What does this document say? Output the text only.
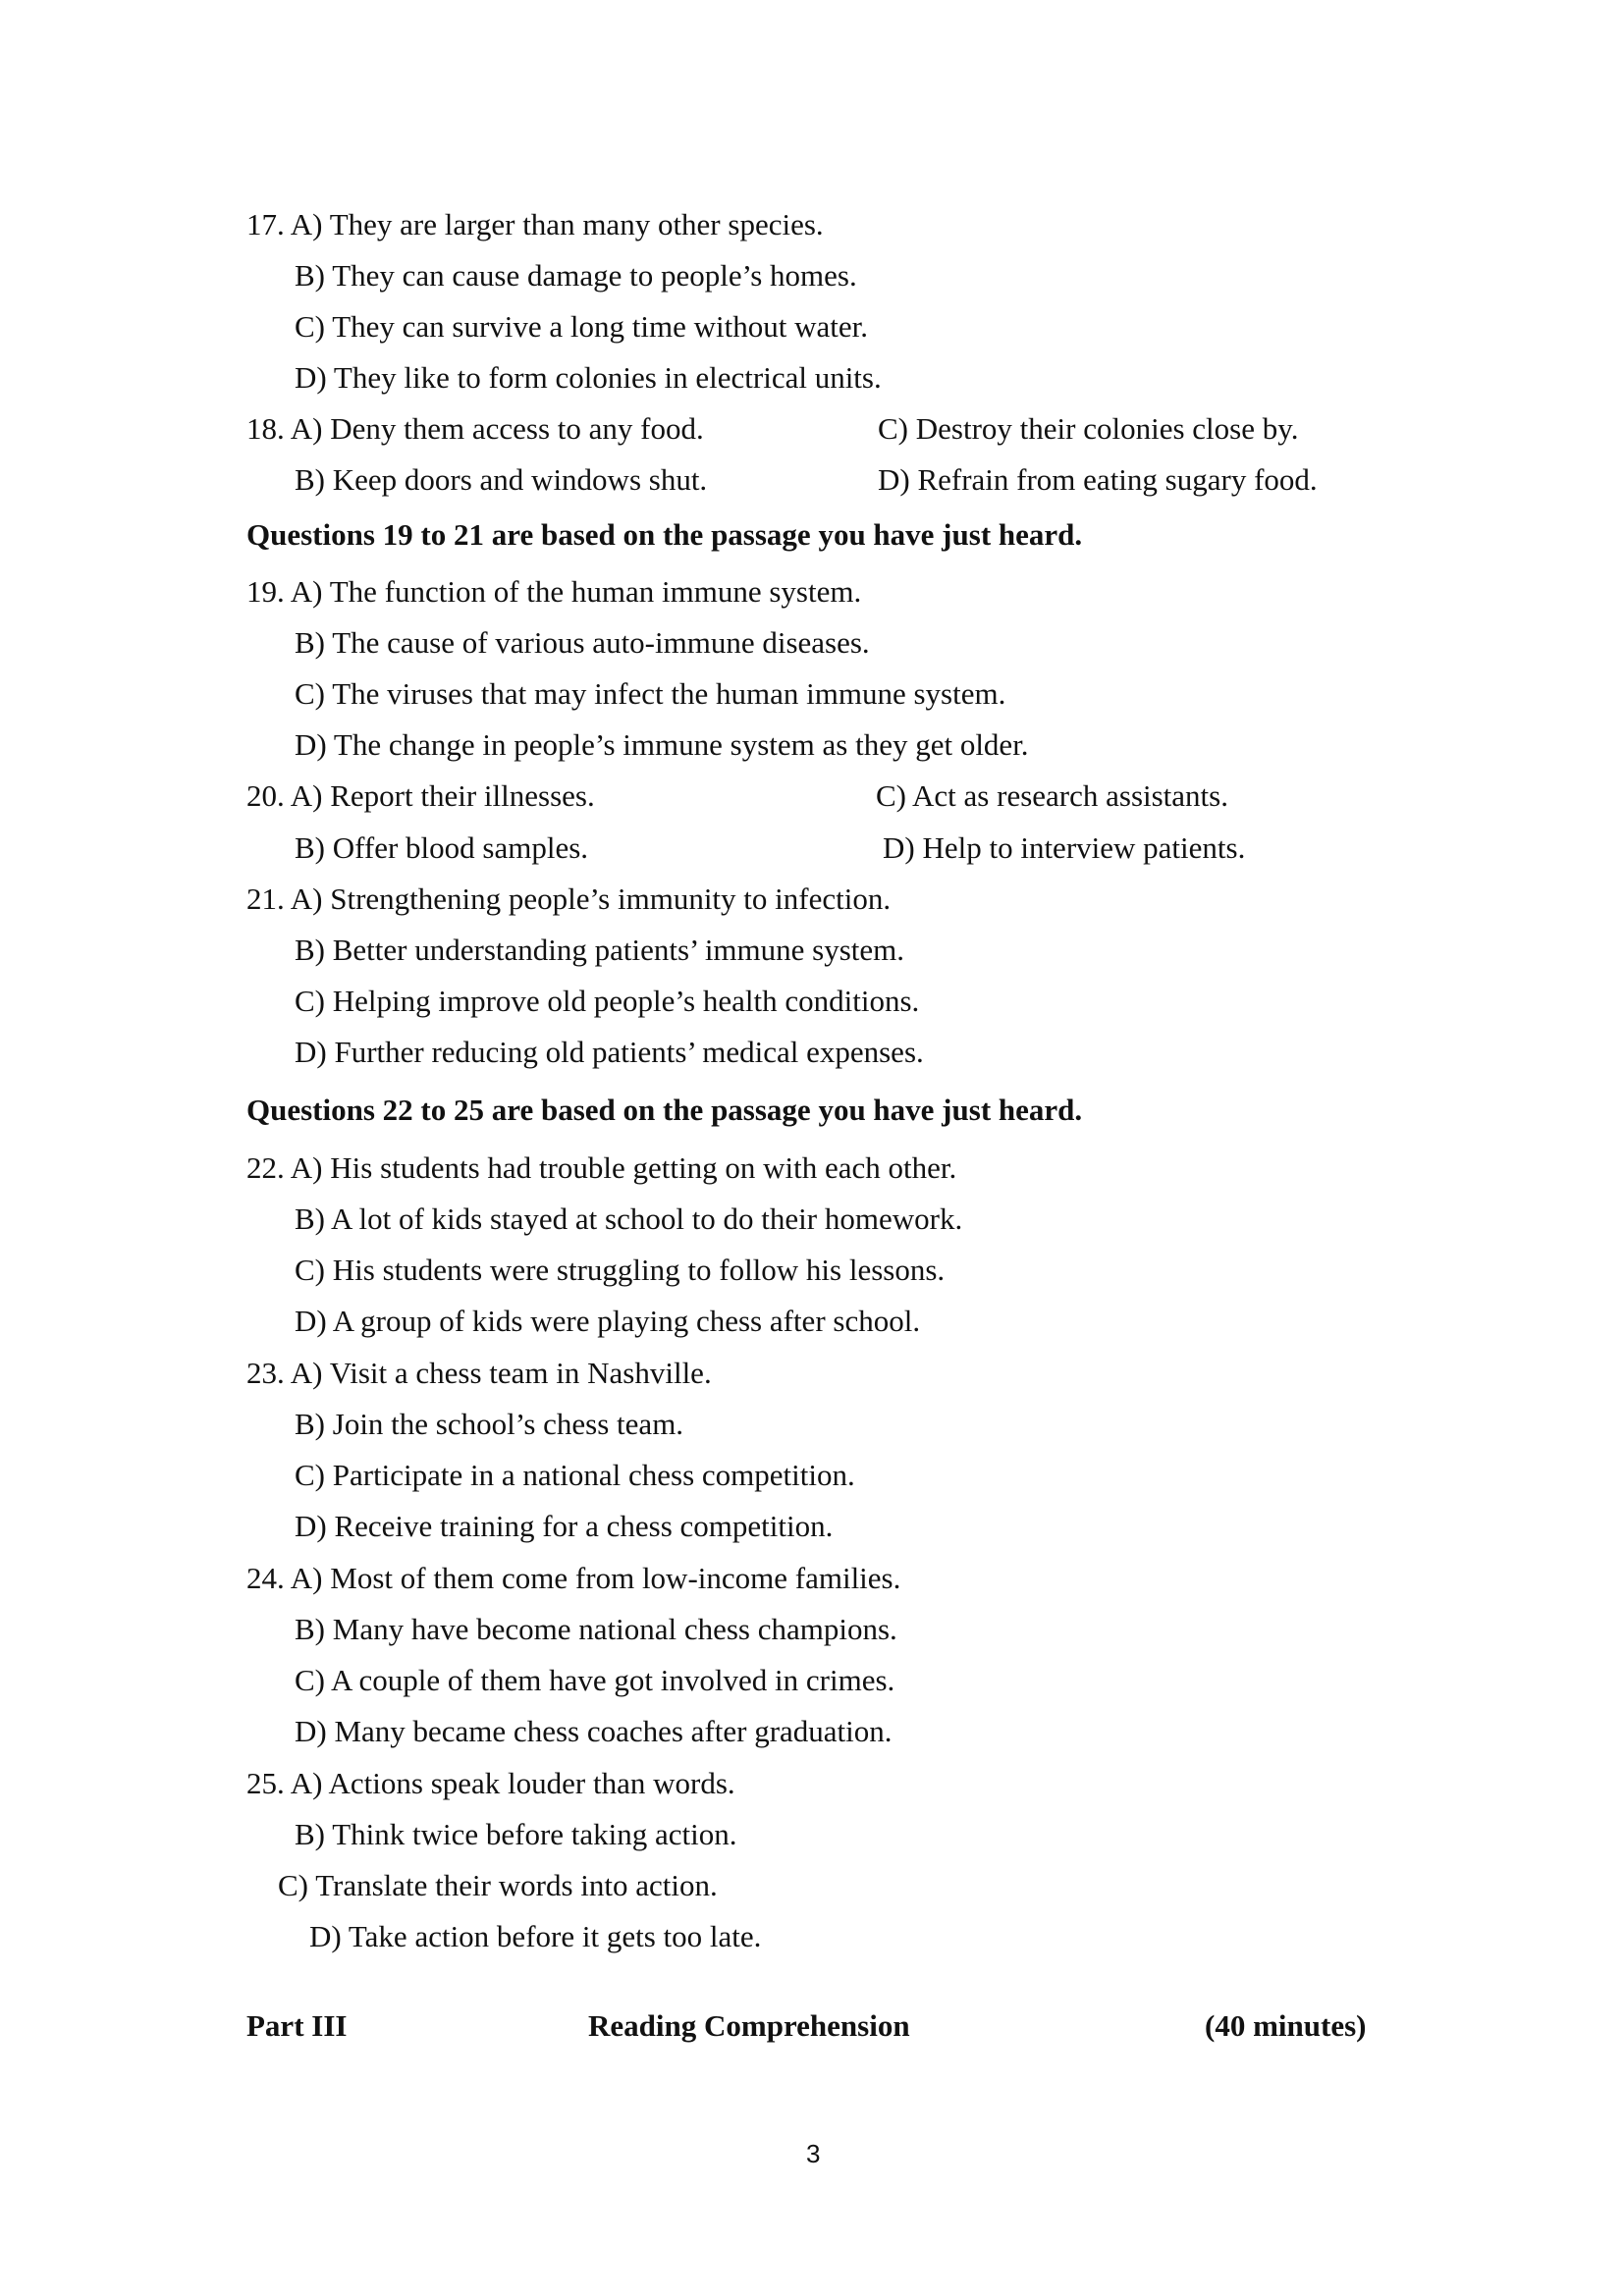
17. A) They are larger than many other species.
B) They can cause damage to people’s homes.
C) They can survive a long time without water.
D) They like to form colonies in electrical units.
18. A) Deny them access to any food.	C) Destroy their colonies close by.
B) Keep doors and windows shut.	D) Refrain from eating sugary food.
Questions 19 to 21 are based on the passage you have just heard.
19. A) The function of the human immune system.
B) The cause of various auto-immune diseases.
C) The viruses that may infect the human immune system.
D) The change in people’s immune system as they get older.
20. A) Report their illnesses.	C) Act as research assistants.
B) Offer blood samples.	D) Help to interview patients.
21. A) Strengthening people’s immunity to infection.
B) Better understanding patients’ immune system.
C) Helping improve old people’s health conditions.
D) Further reducing old patients’ medical expenses.
Questions 22 to 25 are based on the passage you have just heard.
22. A) His students had trouble getting on with each other.
B) A lot of kids stayed at school to do their homework.
C) His students were struggling to follow his lessons.
D) A group of kids were playing chess after school.
23. A) Visit a chess team in Nashville.
B) Join the school’s chess team.
C) Participate in a national chess competition.
D) Receive training for a chess competition.
24. A) Most of them come from low-income families.
B) Many have become national chess champions.
C) A couple of them have got involved in crimes.
D) Many became chess coaches after graduation.
25. A) Actions speak louder than words.
B) Think twice before taking action.
C) Translate their words into action.
D) Take action before it gets too late.
Part III	Reading Comprehension	(40 minutes)
3
